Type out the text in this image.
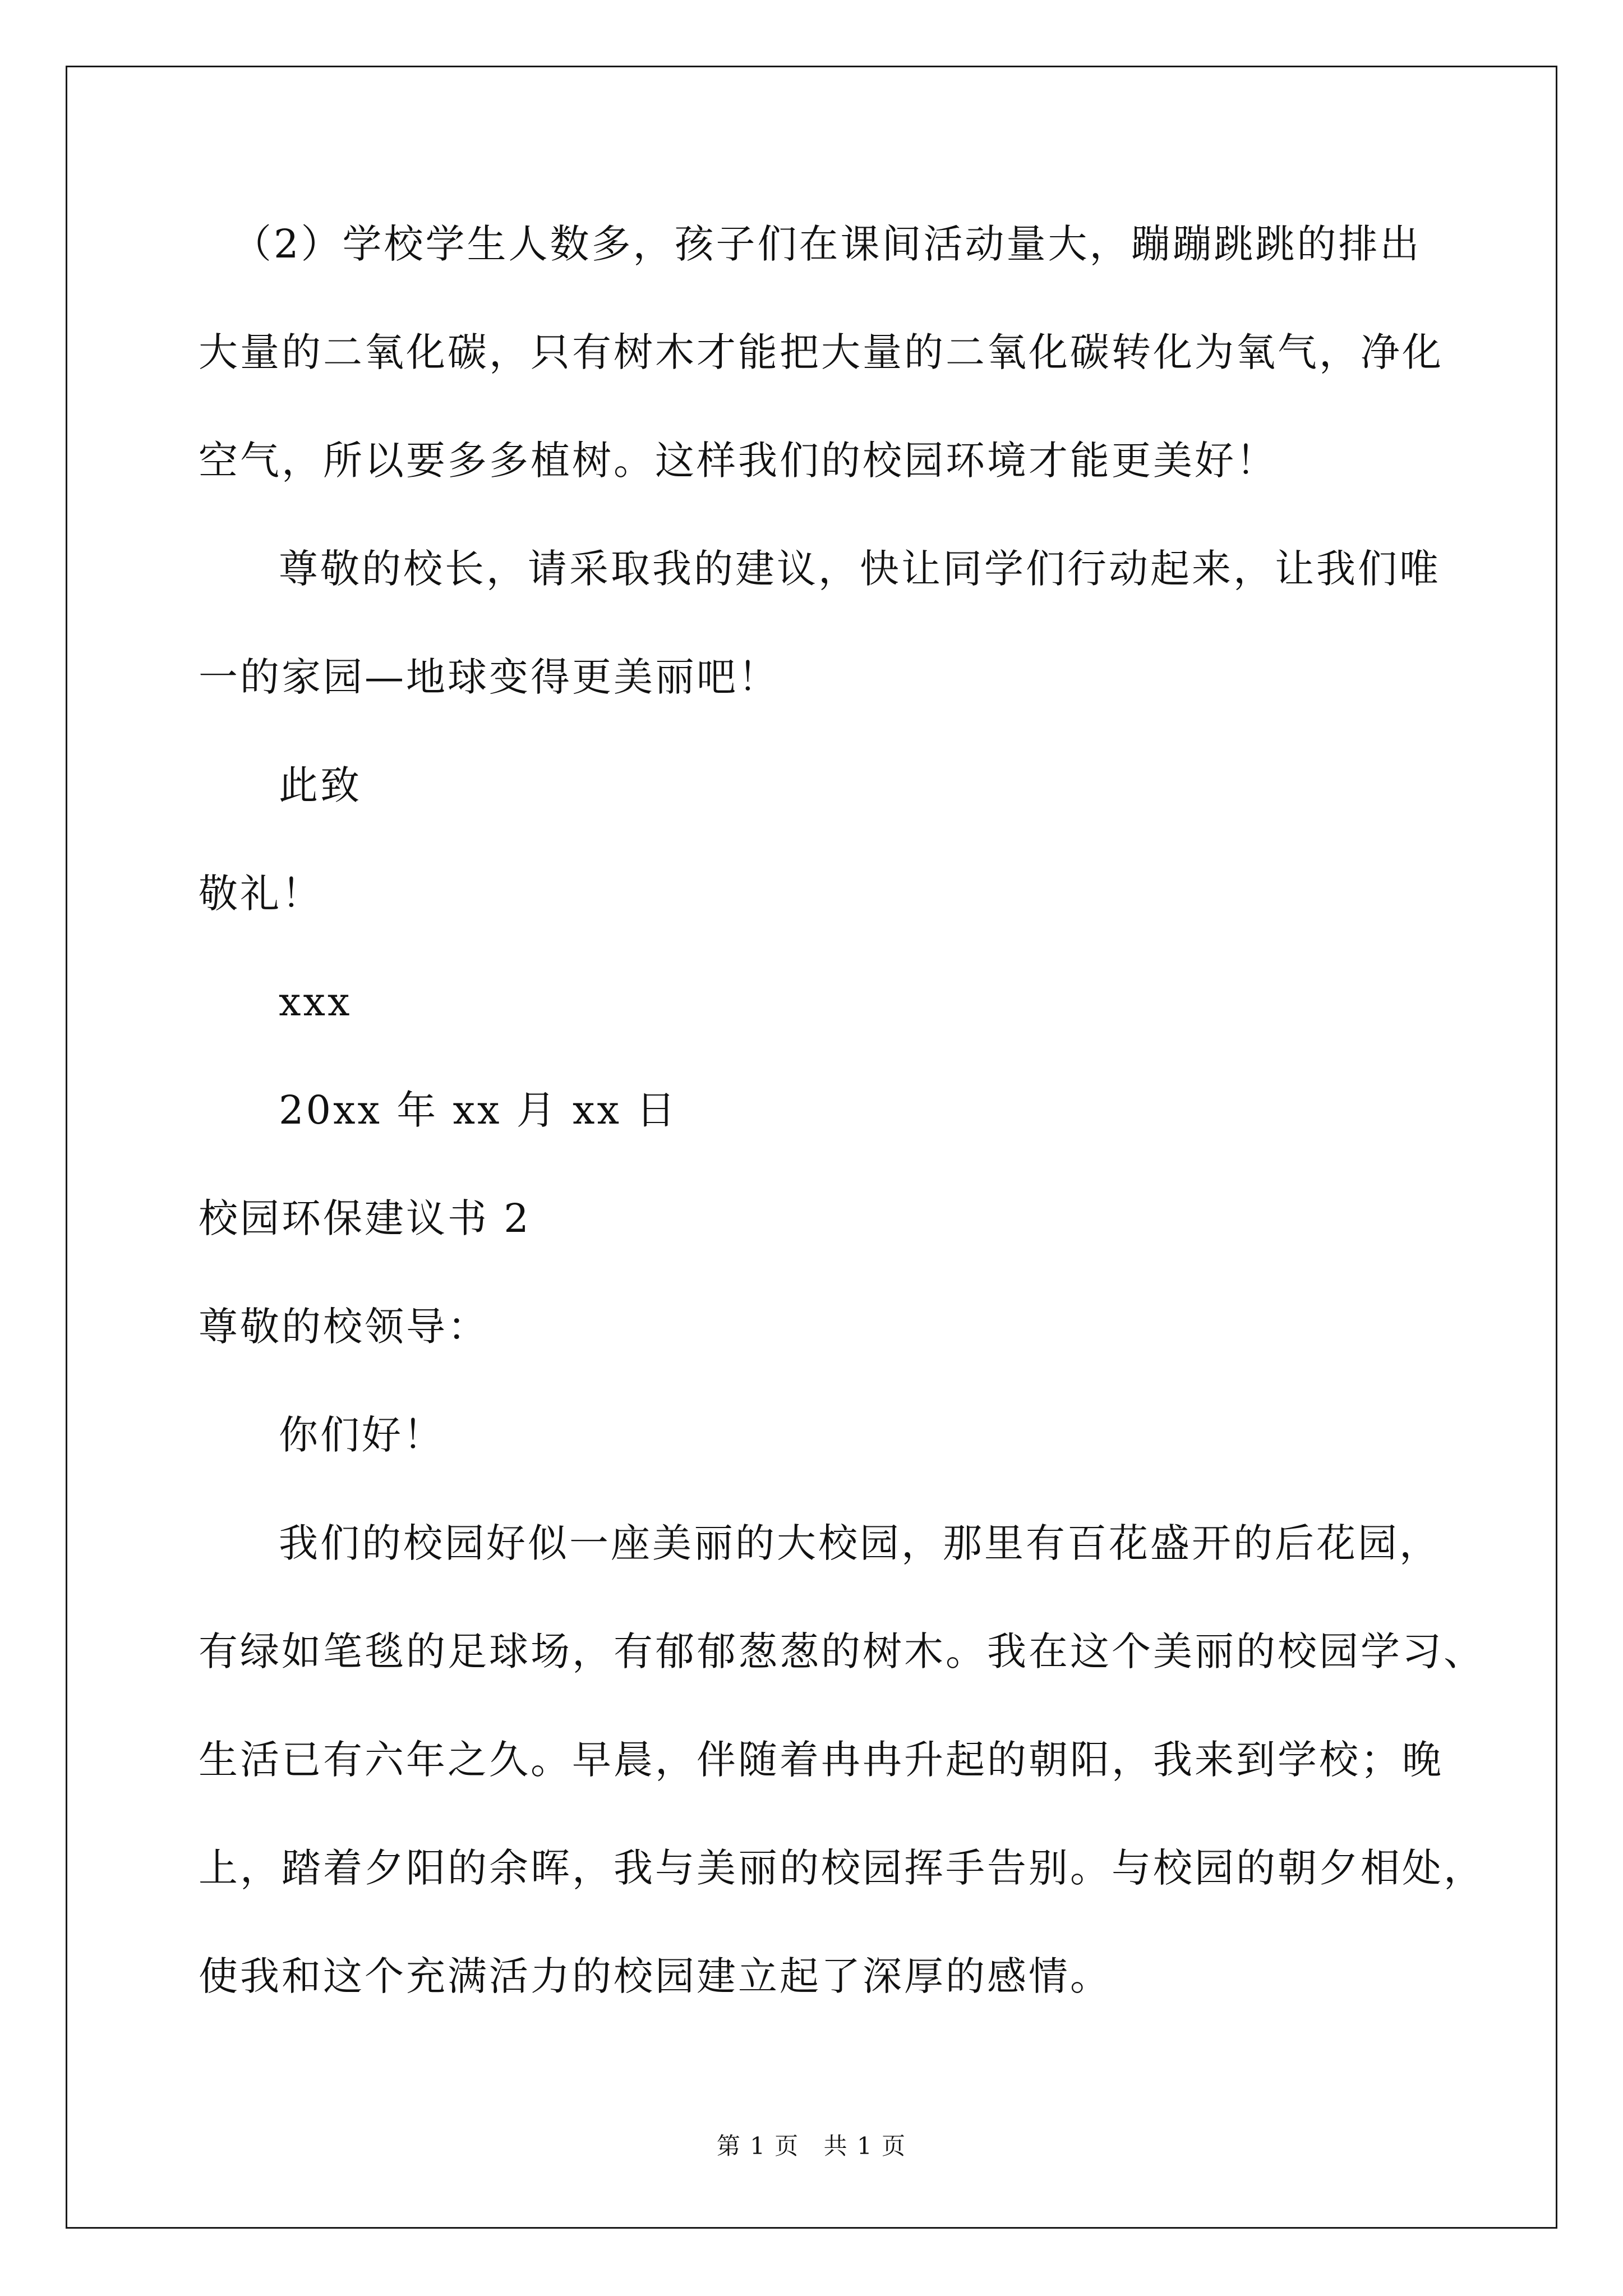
（2）学校学生人数多，孩子们在课间活动量大，蹦蹦跳跳的排出
大量的二氧化碳，只有树木才能把大量的二氧化碳转化为氧气，净化
空气，所以要多多植树。这样我们的校园环境才能更美好！
尊敬的校长，请采取我的建议，快让同学们行动起来，让我们唯
一的家园—地球变得更美丽吧！
此致
敬礼！
xxx
20xx 年 xx 月 xx 日
校园环保建议书 2
尊敬的校领导：
你们好！
我们的校园好似一座美丽的大校园，那里有百花盛开的后花园，
有绿如笔毯的足球场，有郁郁葱葱的树木。我在这个美丽的校园学习、
生活已有六年之久。早晨，伴随着冉冉升起的朝阳，我来到学校；晚
上，踏着夕阳的余晖，我与美丽的校园挥手告别。与校园的朝夕相处，
使我和这个充满活力的校园建立起了深厚的感情。
第 1 页 共 1 页
